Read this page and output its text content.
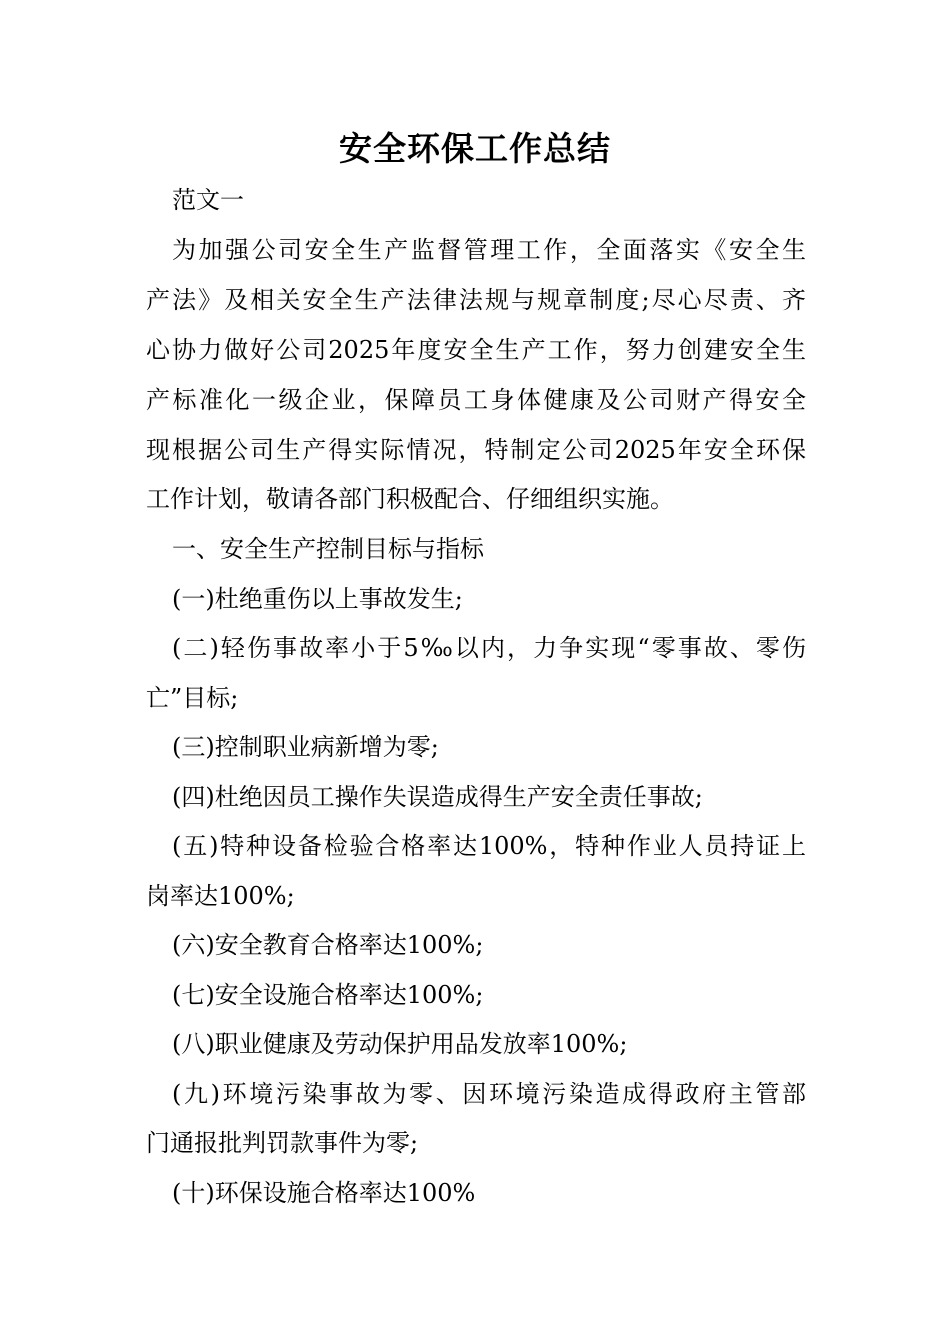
安全环保工作总结
范文一
为加强公司安全生产监督管理工作，全面落实《安全生
产法》及相关安全生产法律法规与规章制度;尽心尽责、齐
心协力做好公司2025年度安全生产工作，努力创建安全生
产标准化一级企业，保障员工身体健康及公司财产得安全
现根据公司生产得实际情况，特制定公司2025年安全环保
工作计划，敬请各部门积极配合、仔细组织实施。
一、安全生产控制目标与指标
(一)杜绝重伤以上事故发生;
(二)轻伤事故率小于5‰以内，力争实现“零事故、零伤
亡”目标;
(三)控制职业病新增为零;
(四)杜绝因员工操作失误造成得生产安全责任事故;
(五)特种设备检验合格率达100%，特种作业人员持证上
岗率达100%;
(六)安全教育合格率达100%;
(七)安全设施合格率达100%;
(八)职业健康及劳动保护用品发放率100%;
(九)环境污染事故为零、因环境污染造成得政府主管部
门通报批判罚款事件为零;
(十)环保设施合格率达100%
